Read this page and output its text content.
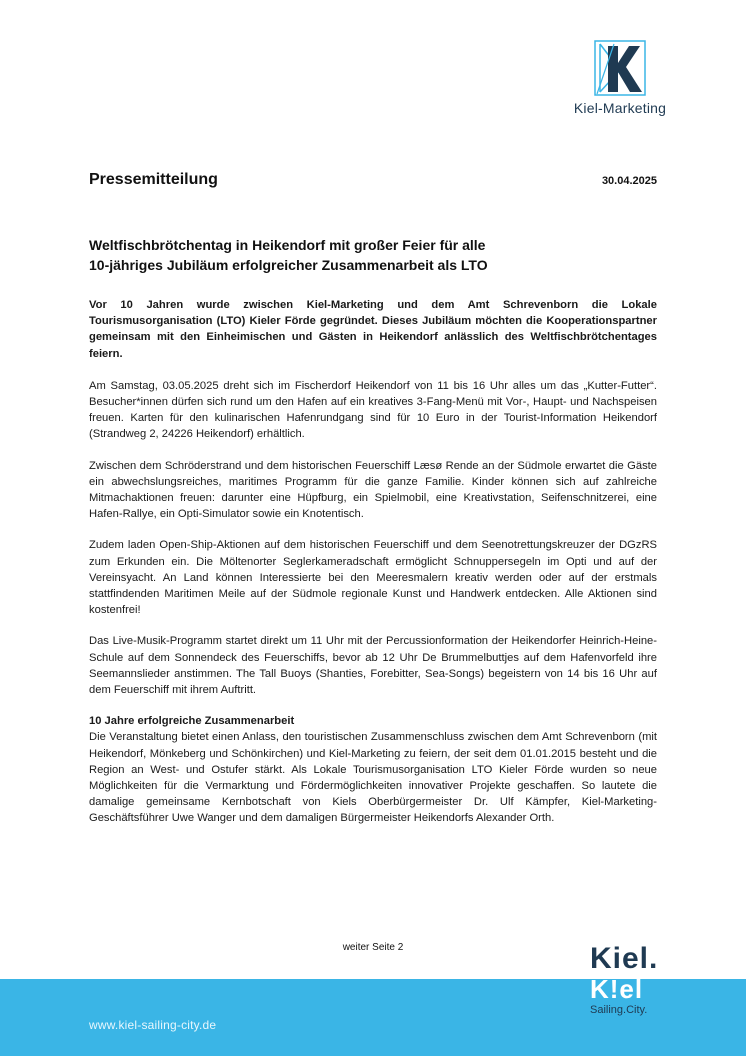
Kiel-Marketing
Pressemitteilung	30.04.2025
Weltfischbrötchentag in Heikendorf mit großer Feier für alle
10-jähriges Jubiläum erfolgreicher Zusammenarbeit als LTO

Vor 10 Jahren wurde zwischen Kiel-Marketing und dem Amt Schrevenborn die Lokale Tourismusorganisation (LTO) Kieler Förde gegründet. Dieses Jubiläum möchten die Kooperationspartner gemeinsam mit den Einheimischen und Gästen in Heikendorf anlässlich des Weltfischbrötchentages feiern.

Am Samstag, 03.05.2025 dreht sich im Fischerdorf Heikendorf von 11 bis 16 Uhr alles um das „Kutter-Futter“. Besucher*innen dürfen sich rund um den Hafen auf ein kreatives 3-Fang-Menü mit Vor-, Haupt- und Nachspeisen freuen. Karten für den kulinarischen Hafenrundgang sind für 10 Euro in der Tourist-Information Heikendorf (Strandweg 2, 24226 Heikendorf) erhältlich.

Zwischen dem Schröderstrand und dem historischen Feuerschiff Læsø Rende an der Südmole erwartet die Gäste ein abwechslungsreiches, maritimes Programm für die ganze Familie. Kinder können sich auf zahlreiche Mitmachaktionen freuen: darunter eine Hüpfburg, ein Spielmobil, eine Kreativstation, Seifenschnitzerei, eine Hafen-Rallye, ein Opti-Simulator sowie ein Knotentisch.

Zudem laden Open-Ship-Aktionen auf dem historischen Feuerschiff und dem Seenotrettungskreuzer der DGzRS zum Erkunden ein. Die Möltenorter Seglerkameradschaft ermöglicht Schnuppersegeln im Opti und auf der Vereinsyacht. An Land können Interessierte bei den Meeresmalern kreativ werden oder auf der erstmals stattfindenden Maritimen Meile auf der Südmole regionale Kunst und Handwerk entdecken. Alle Aktionen sind kostenfrei!

Das Live-Musik-Programm startet direkt um 11 Uhr mit der Percussionformation der Heikendorfer Heinrich-Heine-Schule auf dem Sonnendeck des Feuerschiffs, bevor ab 12 Uhr De Brummelbuttjes auf dem Hafenvorfeld ihre Seemannslieder anstimmen. The Tall Buoys (Shanties, Forebitter, Sea-Songs) begeistern von 14 bis 16 Uhr auf dem Feuerschiff mit ihrem Auftritt.

10 Jahre erfolgreiche Zusammenarbeit

Die Veranstaltung bietet einen Anlass, den touristischen Zusammenschluss zwischen dem Amt Schrevenborn (mit Heikendorf, Mönkeberg und Schönkirchen) und Kiel-Marketing zu feiern, der seit dem 01.01.2015 besteht und die Region an West- und Ostufer stärkt. Als Lokale Tourismusorganisation LTO Kieler Förde wurden so neue Möglichkeiten für die Vermarktung und Fördermöglichkeiten innovativer Projekte geschaffen. So lautete die damalige gemeinsame Kernbotschaft von Kiels Oberbürgermeister Dr. Ulf Kämpfer, Kiel-Marketing-Geschäftsführer Uwe Wanger und dem damaligen Bürgermeister Heikendorfs Alexander Orth.

weiter Seite 2
www.kiel-sailing-city.de
Kiel.
K!el
Sailing.City.
